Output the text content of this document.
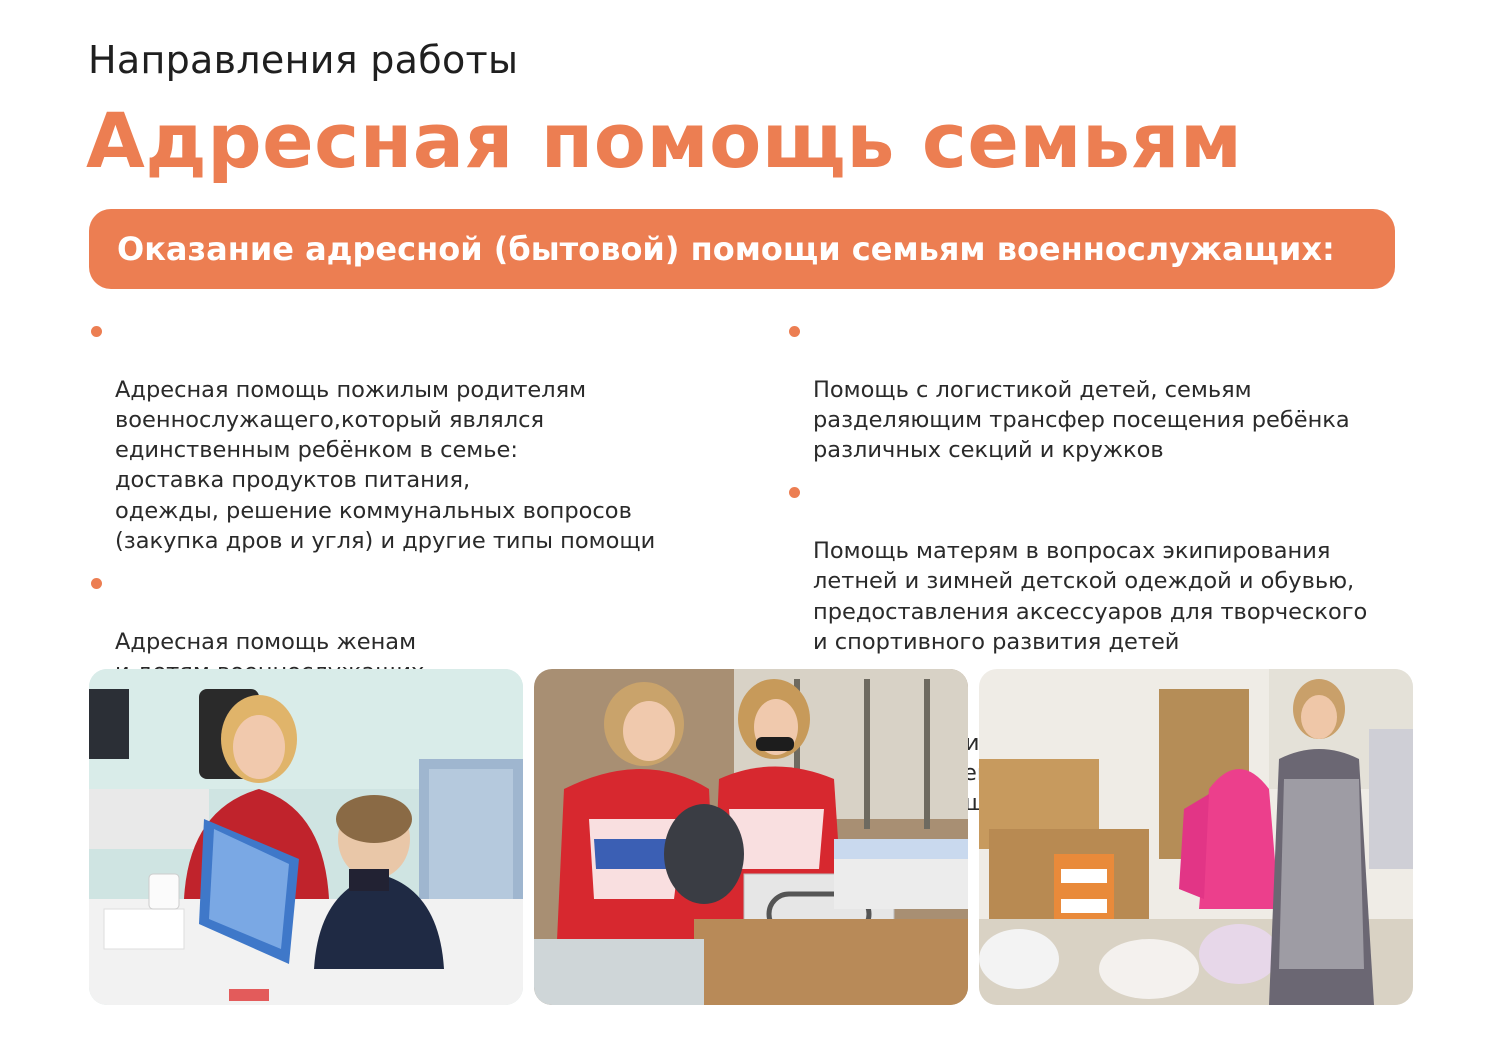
Направления работы
Адресная помощь семьям
Оказание адресной (бытовой) помощи семьям военнослужащих:

Адресная помощь пожилым родителям
военнослужащего,который являлся
единственным ребёнком в семье:
доставка продуктов питания,
одежды, решение коммунальных вопросов
(закупка дров и угля) и другие типы помощи

Адресная помощь женам

Помощь с логистикой детей, семьям
разделяющим трансфер посещения ребёнка
различных секций и кружков

Помощь матерям в вопросах экипирования
летней и зимней детской одеждой и обувью,
предоставления аксессуаров для творческого
и спортивного развития детей

поиске
